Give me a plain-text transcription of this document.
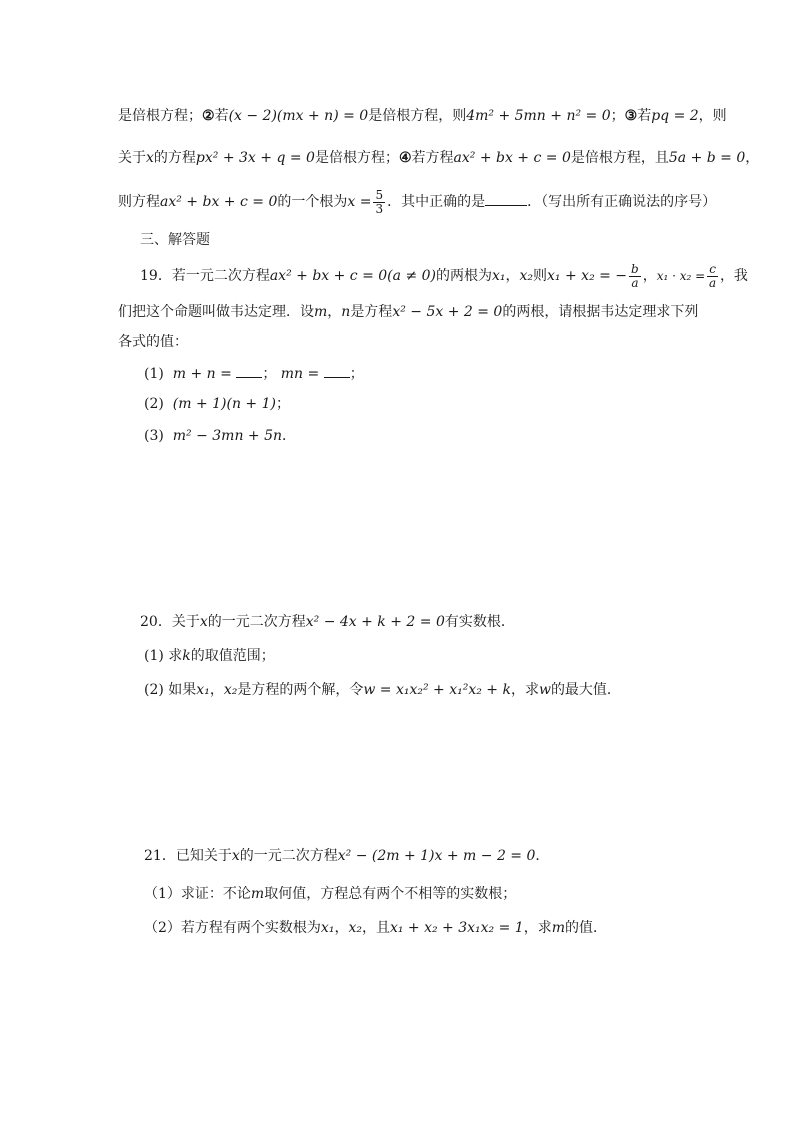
是倍根方程；②若(x − 2)(mx + n) = 0是倍根方程，则4m² + 5mn + n² = 0；③若pq = 2，则
关于x的方程px² + 3x + q = 0是倍根方程；④若方程ax² + bx + c = 0是倍根方程，且5a + b = 0，
则方程ax² + bx + c = 0的一个根为$x = \frac{5}{3}$ ．其中正确的是	．（写出所有正确说法的序号）
三、解答题
19．若一元二次方程ax² + bx + c = 0(a ≠ 0)的两根为x₁，x₂则x₁ + x₂ = − $\frac{b}{a}$ ，$x_1 \cdot x_2 = \frac{c}{a}$ ，我
们把这个命题叫做韦达定理．设m，n是方程x² − 5x + 2 = 0的两根，请根据韦达定理求下列
各式的值：
(1) m + n = ； mn = ；
(2) (m + 1)(n + 1)；
(3) m² − 3mn + 5n．
20．关于x的一元二次方程x² − 4x + k + 2 = 0有实数根．
(1) 求k的取值范围；
(2) 如果x₁，x₂是方程的两个解，令w = x₁x₂² + x₁²x₂ + k，求w的最大值．
21．已知关于x的一元二次方程x² − (2m + 1)x + m − 2 = 0．
（1）求证：不论m取何值，方程总有两个不相等的实数根；
（2）若方程有两个实数根为x₁，x₂，且x₁ + x₂ + 3x₁x₂ = 1，求m的值．
